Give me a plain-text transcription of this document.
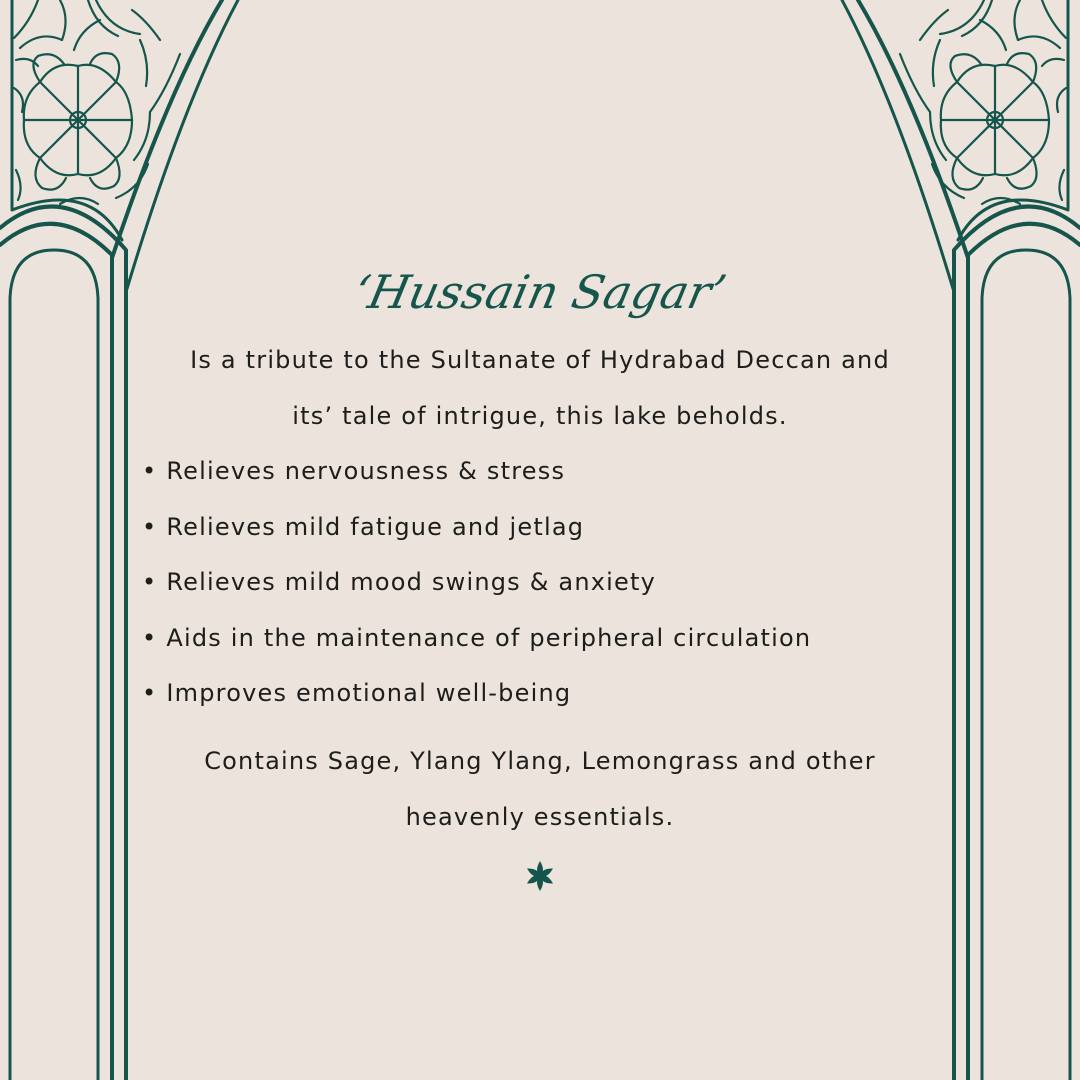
‘Hussain Sagar’
Is a tribute to the Sultanate of Hydrabad Deccan and
its’ tale of intrigue, this lake beholds.
• Relieves nervousness & stress
• Relieves mild fatigue and jetlag
• Relieves mild mood swings & anxiety
• Aids in the maintenance of peripheral circulation
• Improves emotional well-being
Contains Sage, Ylang Ylang, Lemongrass and other
heavenly essentials.
